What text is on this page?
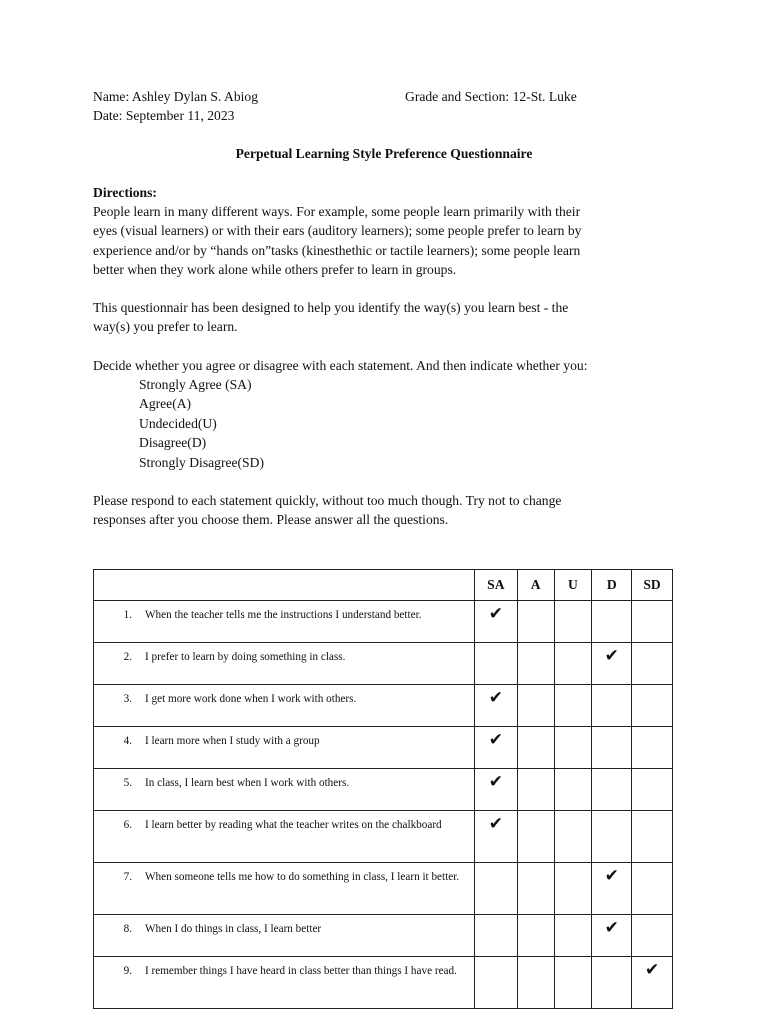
Name: Ashley Dylan S. Abiog	Grade and Section: 12-St. Luke
Date: September 11, 2023
Perpetual Learning Style Preference Questionnaire
Directions:
People learn in many different ways. For example, some people learn primarily with their
eyes (visual learners) or with their ears (auditory learners); some people prefer to learn by
experience and/or by “hands on”tasks (kinesthethic or tactile learners); some people learn
better when they work alone while others prefer to learn in groups.
This questionnair has been designed to help you identify the way(s) you learn best - the
way(s) you prefer to learn.
Decide whether you agree or disagree with each statement. And then indicate whether you:
Strongly Agree (SA)
Agree(A)
Undecided(U)
Disagree(D)
Strongly Disagree(SD)
Please respond to each statement quickly, without too much though. Try not to change
responses after you choose them. Please answer all the questions.
	SA	A	U	D	SD

1. When the teacher tells me the instructions I understand better.	✔				

2. I prefer to learn by doing something in class.				✔	

3. I get more work done when I work with others.	✔				

4. I learn more when I study with a group	✔				

5. In class, I learn best when I work with others.	✔				

6. I learn better by reading what the teacher writes on the chalkboard	✔				

7. When someone tells me how to do something in class, I learn it better.				✔	

8. When I do things in class, I learn better				✔	

9. I remember things I have heard in class better than things I have read.					✔
